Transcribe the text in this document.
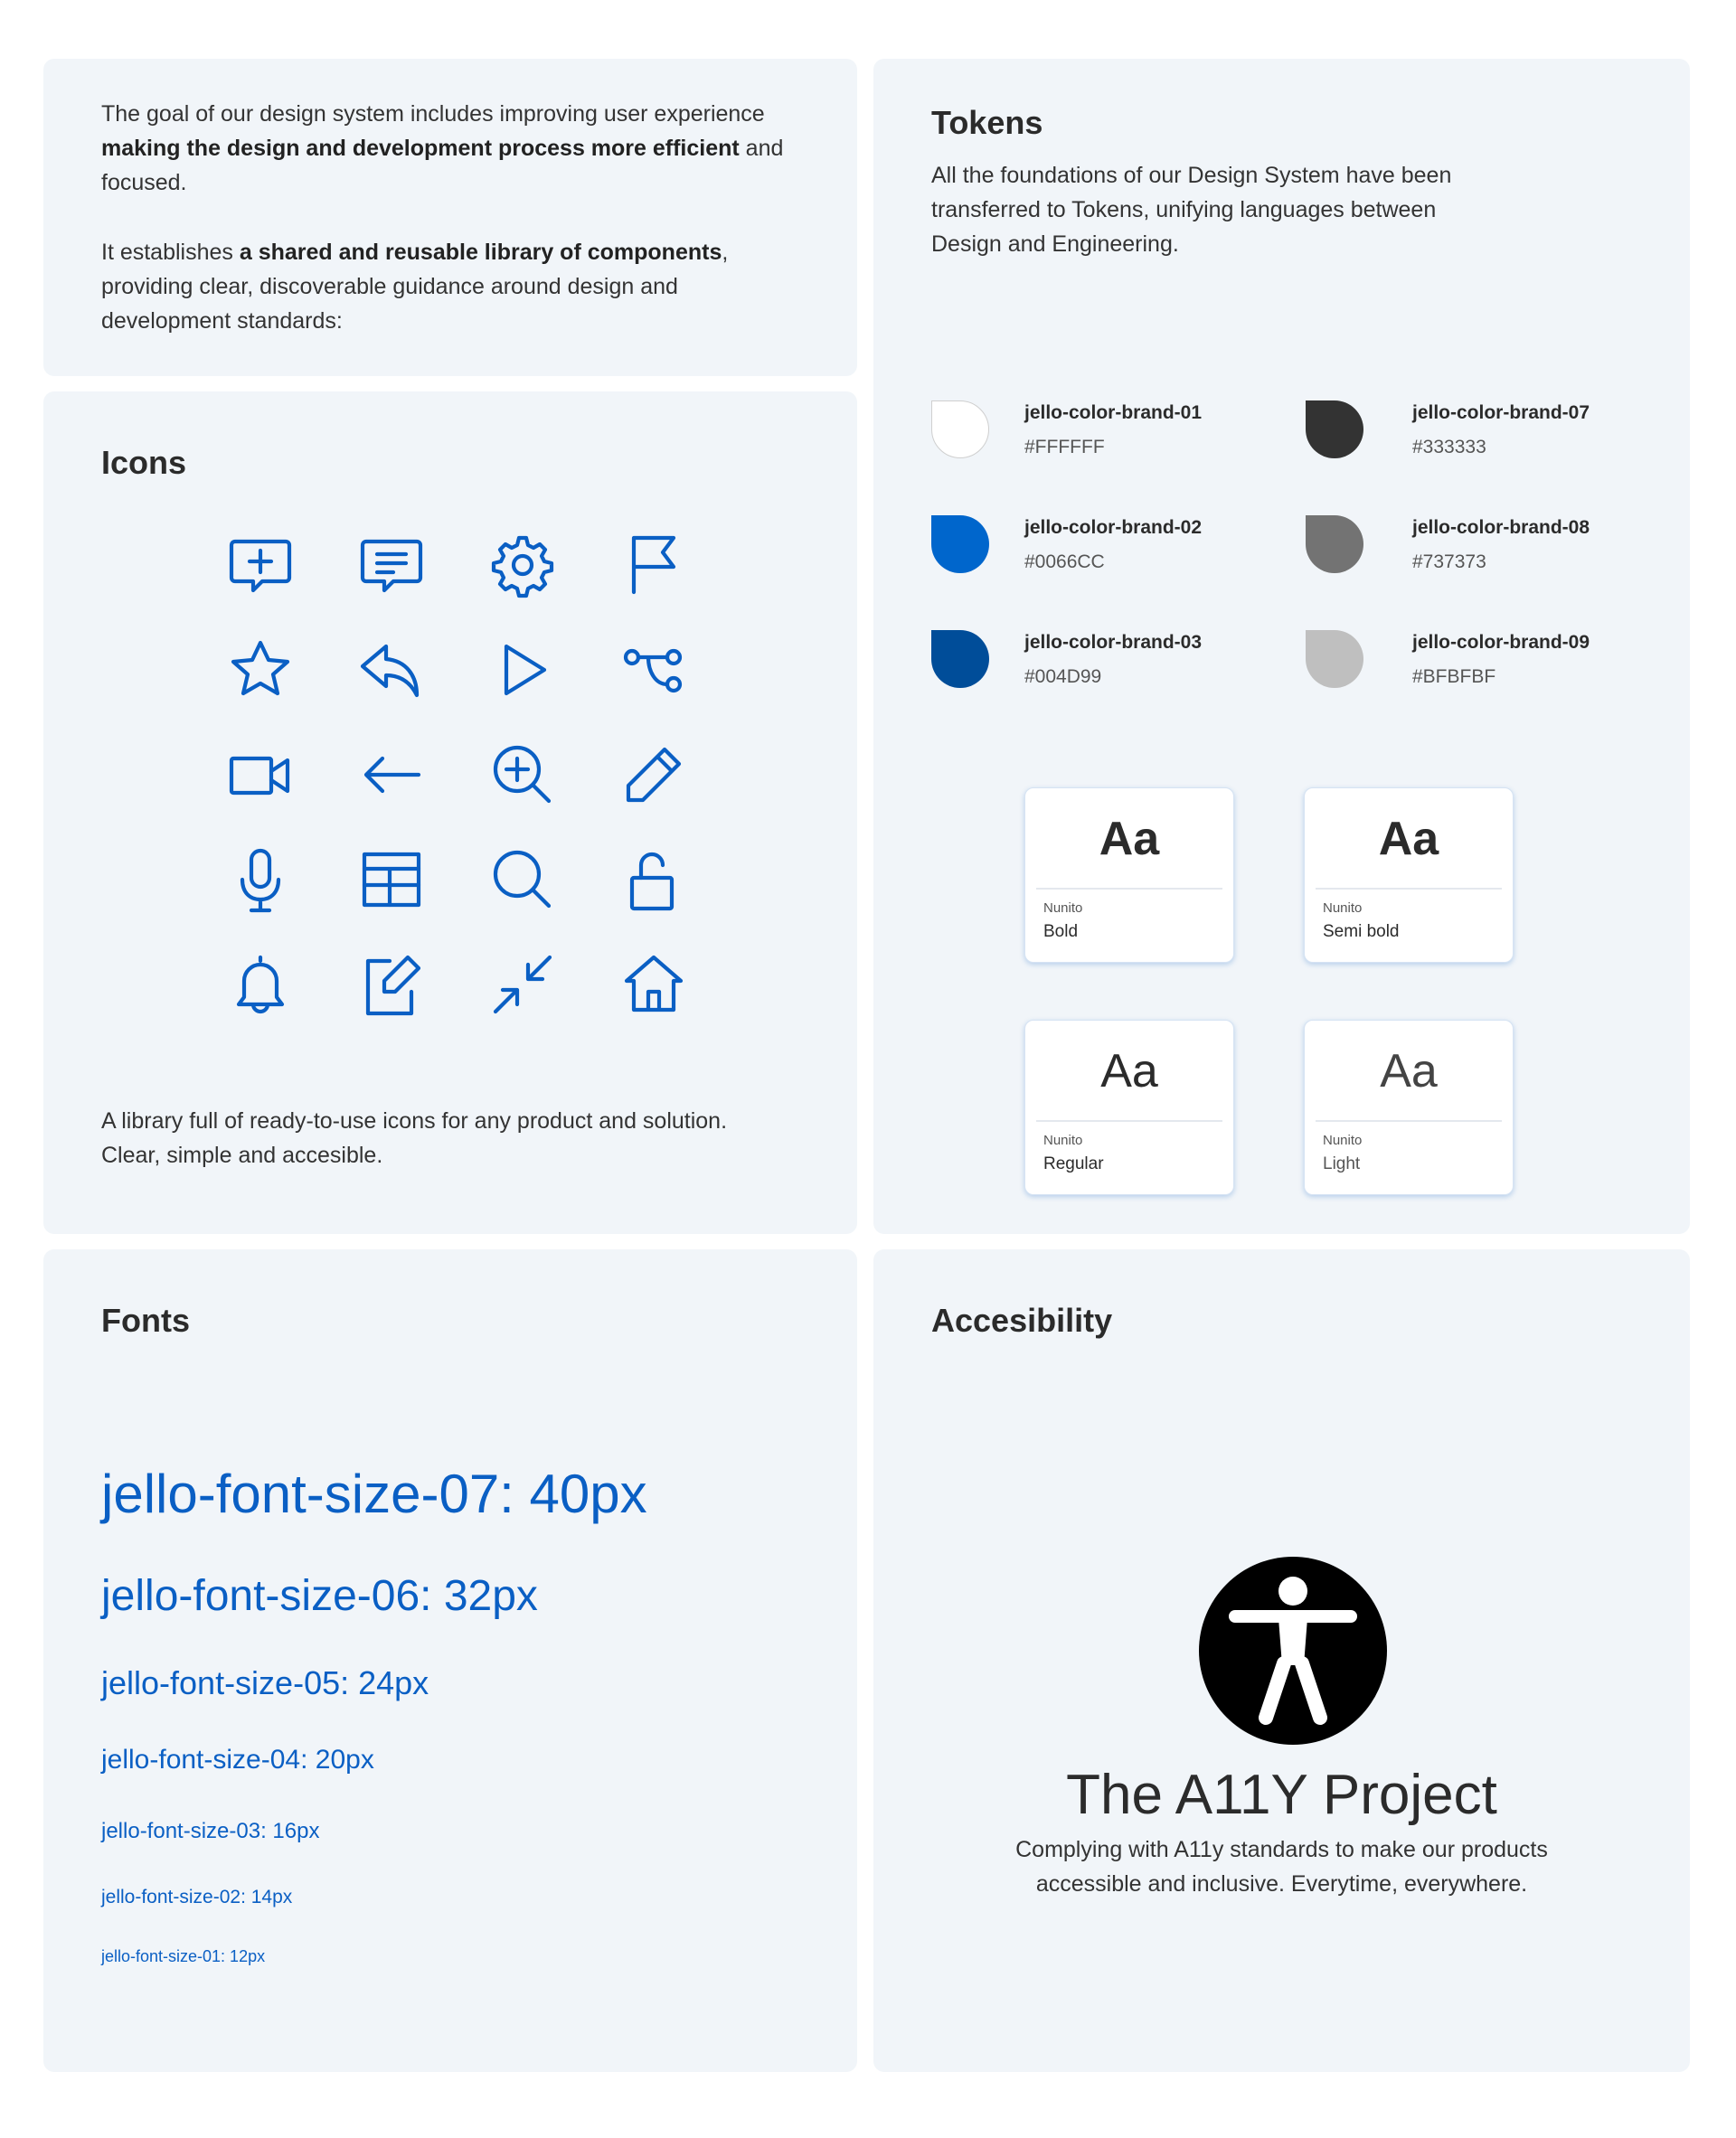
The goal of our design system includes improving user experience making the design and development process more efficient and focused.

It establishes a shared and reusable library of components, providing clear, discoverable guidance around design and development standards:

Icons

A library full of ready-to-use icons for any product and solution. Clear, simple and accesible.

Tokens

All the foundations of our Design System have been transferred to Tokens, unifying languages between Design and Engineering.

jello-color-brand-01
#FFFFFF
jello-color-brand-02
#0066CC
jello-color-brand-03
#004D99
jello-color-brand-07
#333333
jello-color-brand-08
#737373
jello-color-brand-09
#BFBFBF
Aa
Nunito
Bold
Aa
Nunito
Semi bold
Aa
Nunito
Regular
Aa
Nunito
Light
Fonts
jello-font-size-07: 40px
jello-font-size-06: 32px
jello-font-size-05: 24px
jello-font-size-04: 20px
jello-font-size-03: 16px
jello-font-size-02: 14px
jello-font-size-01: 12px
Accesibility
The A11Y Project

Complying with A11y standards to make our products accessible and inclusive. Everytime, everywhere.
